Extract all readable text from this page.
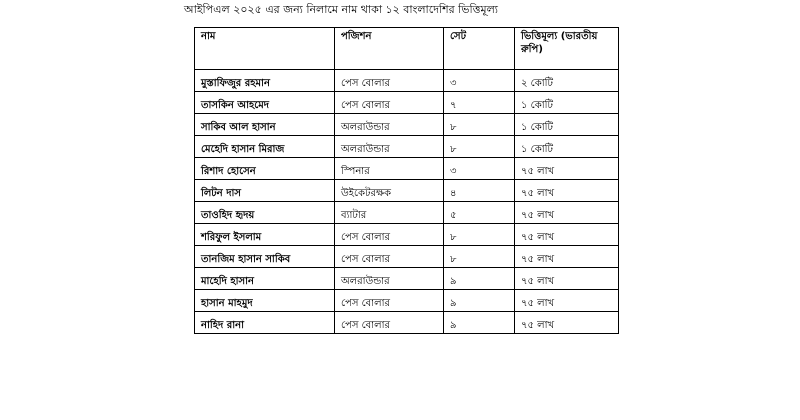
আইপিএল ২০২৫ এর জন্য নিলামে নাম থাকা ১২ বাংলাদেশির ভিত্তিমূল্য
নাম	পজিশন	সেট	ভিত্তিমূল্য (ভারতীয় রুপি)
মুস্তাফিজুর রহমান	পেস বোলার	৩	২ কোটি
তাসকিন আহমেদ	পেস বোলার	৭	১ কোটি
সাকিব আল হাসান	অলরাউন্ডার	৮	১ কোটি
মেহেদি হাসান মিরাজ	অলরাউন্ডার	৮	১ কোটি
রিশাদ হোসেন	স্পিনার	৩	৭৫ লাখ
লিটন দাস	উইকেটরক্ষক	৪	৭৫ লাখ
তাওহিদ হৃদয়	ব্যাটার	৫	৭৫ লাখ
শরিফুল ইসলাম	পেস বোলার	৮	৭৫ লাখ
তানজিম হাসান সাকিব	পেস বোলার	৮	৭৫ লাখ
মাহেদি হাসান	অলরাউন্ডার	৯	৭৫ লাখ
হাসান মাহমুদ	পেস বোলার	৯	৭৫ লাখ
নাহিদ রানা	পেস বোলার	৯	৭৫ লাখ
